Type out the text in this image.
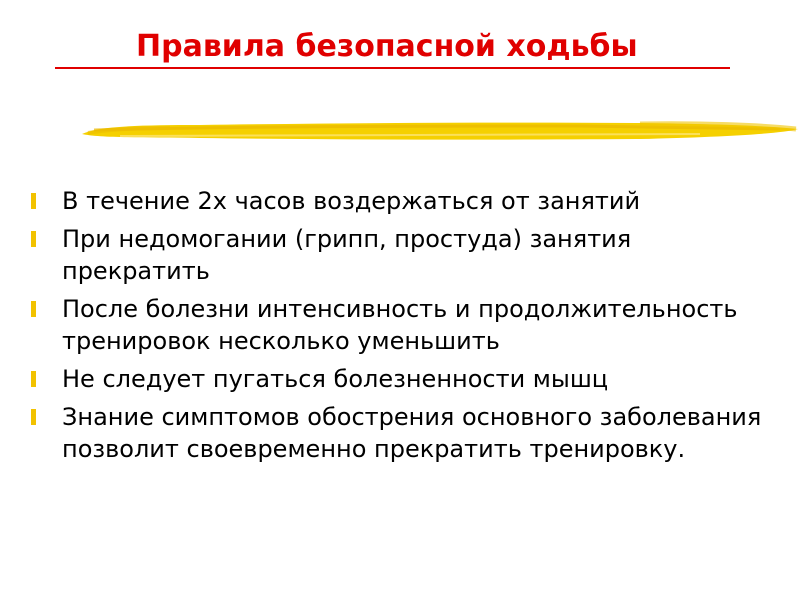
Правила безопасной ходьбы
В течение 2х часов воздержаться от занятий
При недомогании (грипп, простуда) занятия прекратить
После болезни интенсивность и продолжительность тренировок несколько уменьшить
Не следует пугаться болезненности мышц
Знание симптомов обострения основного заболевания позволит своевременно прекратить тренировку.
